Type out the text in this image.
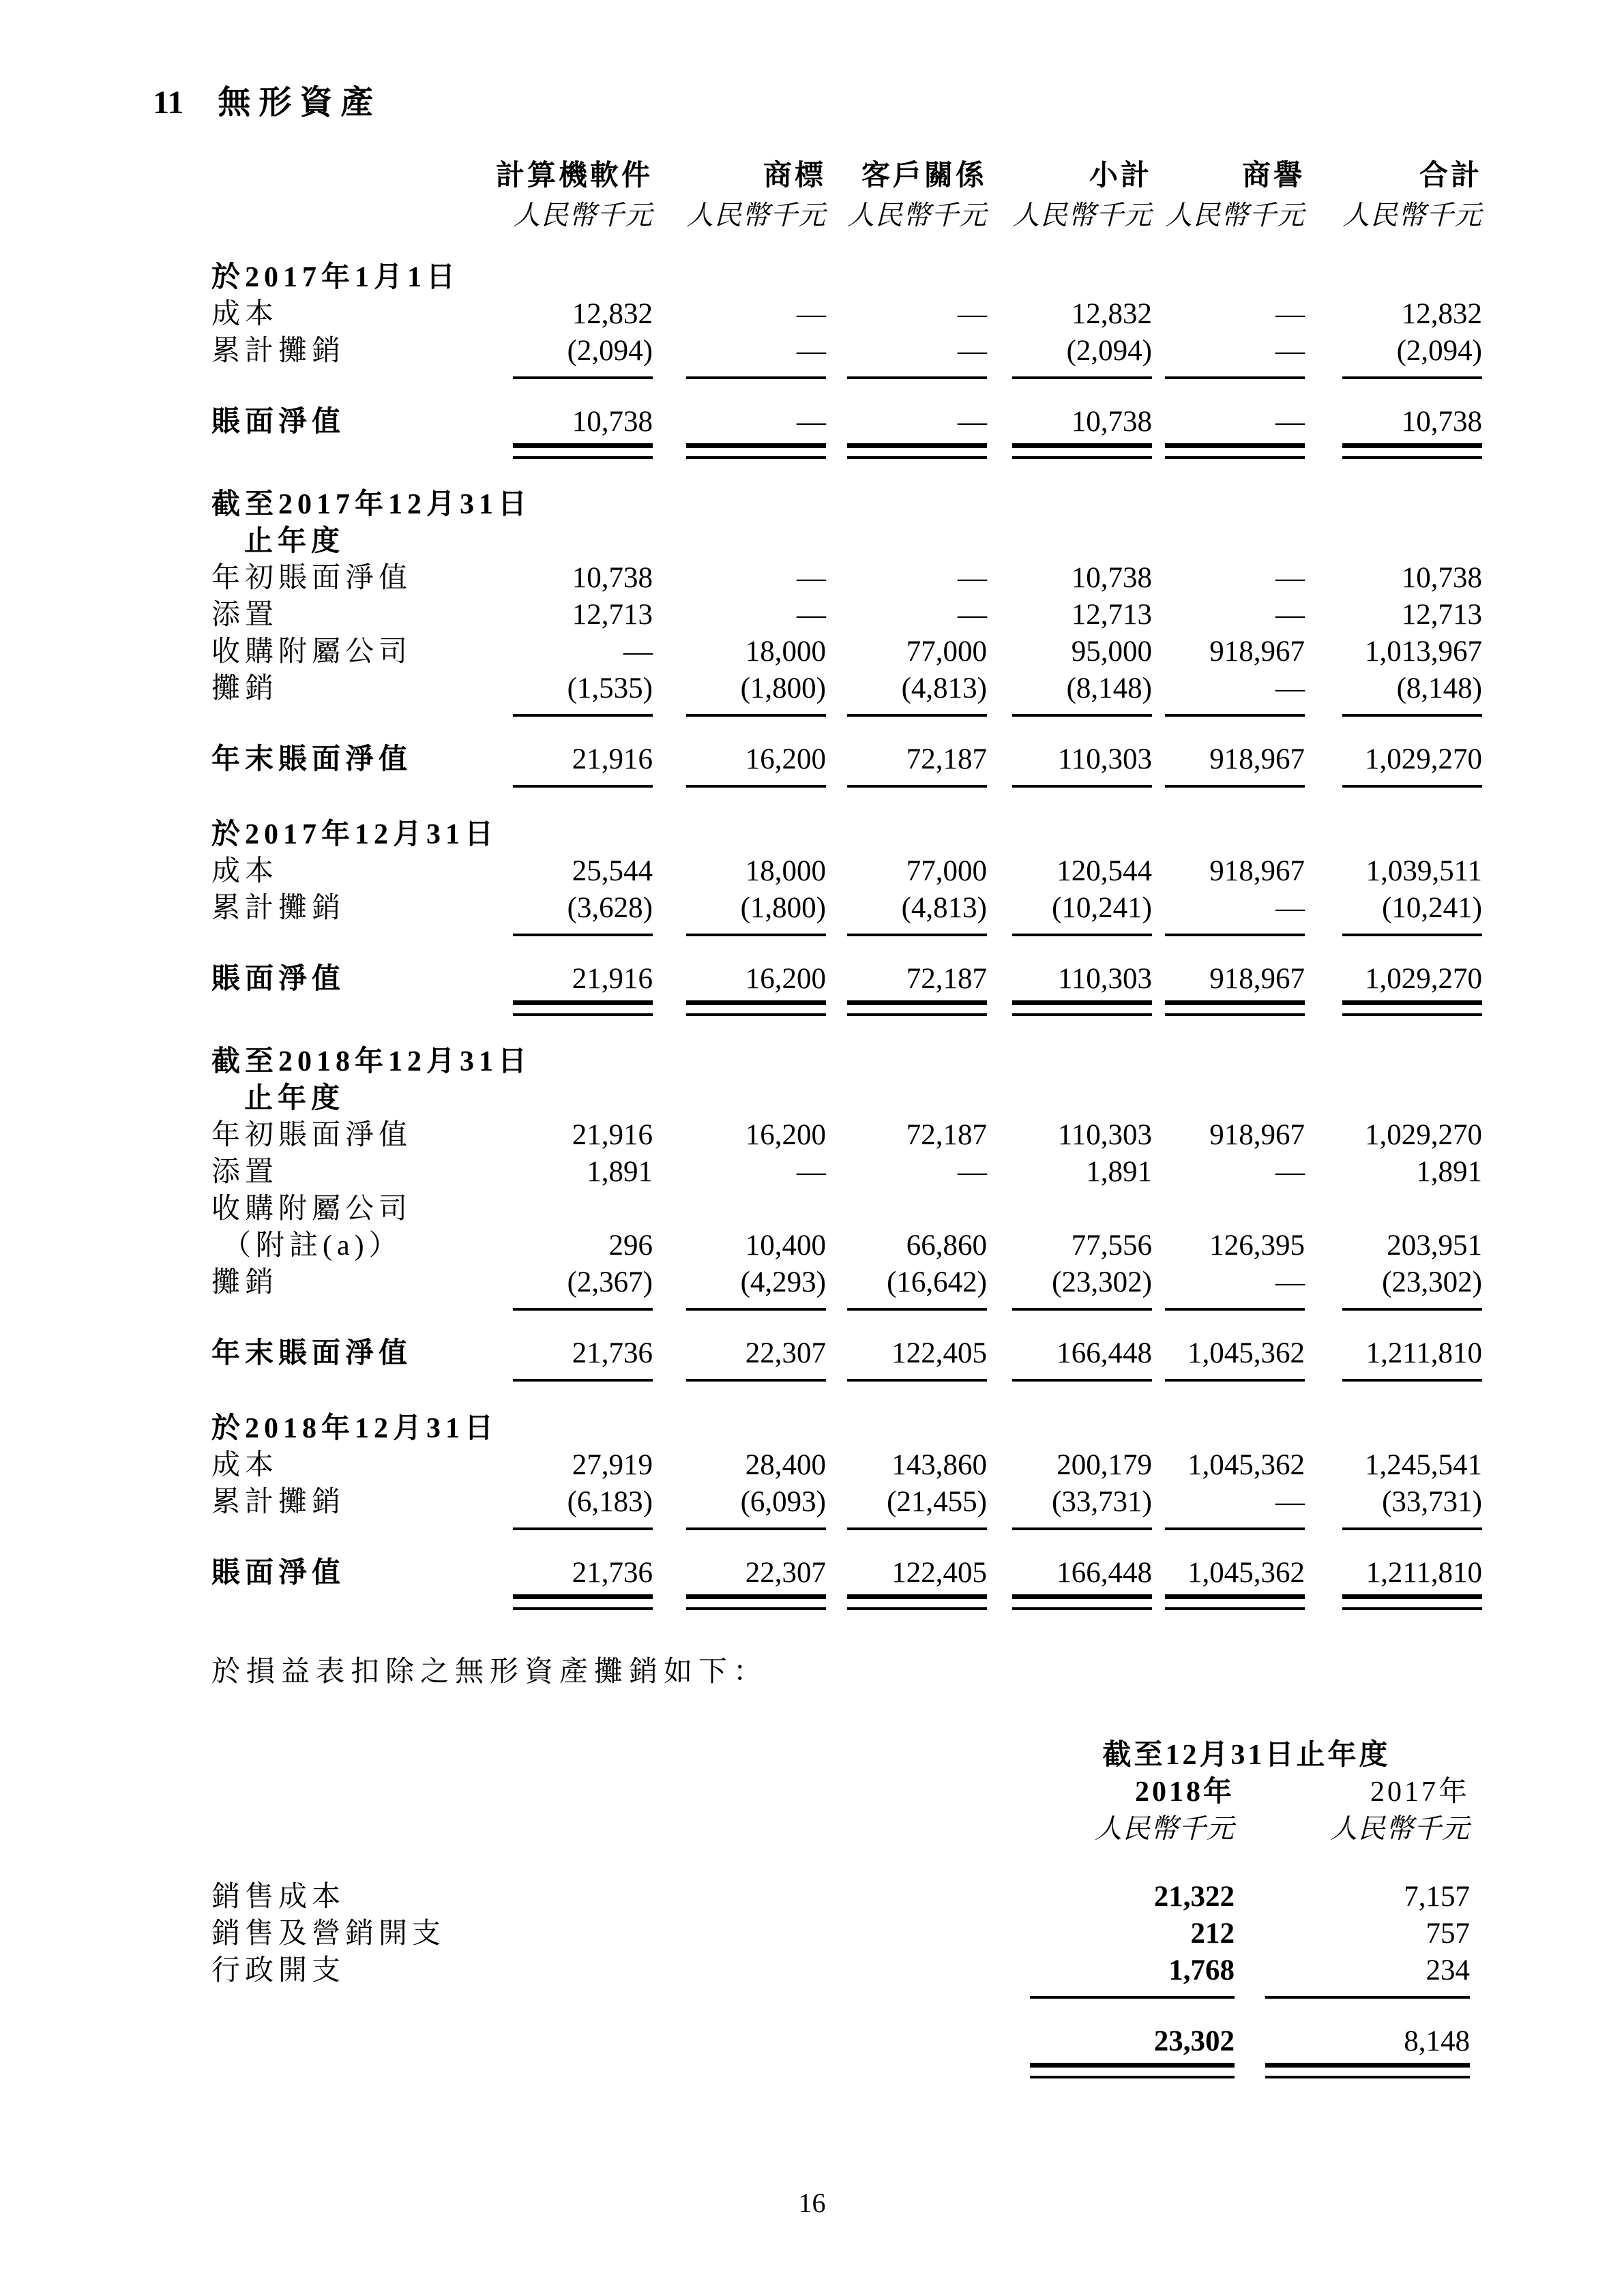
11 無形資產
	計算機軟件	商標	客戶關係	小計	商譽	合計
	人民幣千元	人民幣千元	人民幣千元	人民幣千元	人民幣千元	人民幣千元

於2017年1月1日						
成本	12,832	—	—	12,832	—	12,832
累計攤銷	(2,094)	—	—	(2,094)	—	(2,094)

賬面淨值	10,738	—	—	10,738	—	10,738

截至2017年12月31日						
止年度						
年初賬面淨值	10,738	—	—	10,738	—	10,738
添置	12,713	—	—	12,713	—	12,713
收購附屬公司	—	18,000	77,000	95,000	918,967	1,013,967
攤銷	(1,535)	(1,800)	(4,813)	(8,148)	—	(8,148)

年末賬面淨值	21,916	16,200	72,187	110,303	918,967	1,029,270

於2017年12月31日						
成本	25,544	18,000	77,000	120,544	918,967	1,039,511
累計攤銷	(3,628)	(1,800)	(4,813)	(10,241)	—	(10,241)

賬面淨值	21,916	16,200	72,187	110,303	918,967	1,029,270

截至2018年12月31日						
止年度						
年初賬面淨值	21,916	16,200	72,187	110,303	918,967	1,029,270
添置	1,891	—	—	1,891	—	1,891
收購附屬公司						
（附註(a)）	296	10,400	66,860	77,556	126,395	203,951
攤銷	(2,367)	(4,293)	(16,642)	(23,302)	—	(23,302)

年末賬面淨值	21,736	22,307	122,405	166,448	1,045,362	1,211,810

於2018年12月31日						
成本	27,919	28,400	143,860	200,179	1,045,362	1,245,541
累計攤銷	(6,183)	(6,093)	(21,455)	(33,731)	—	(33,731)

賬面淨值	21,736	22,307	122,405	166,448	1,045,362	1,211,810

於損益表扣除之無形資產攤銷如下：
	截至12月31日止年度	
	2018年	2017年
	人民幣千元	人民幣千元

銷售成本	21,322	7,157
銷售及營銷開支	212	757
行政開支	1,768	234

	23,302	8,148

16
